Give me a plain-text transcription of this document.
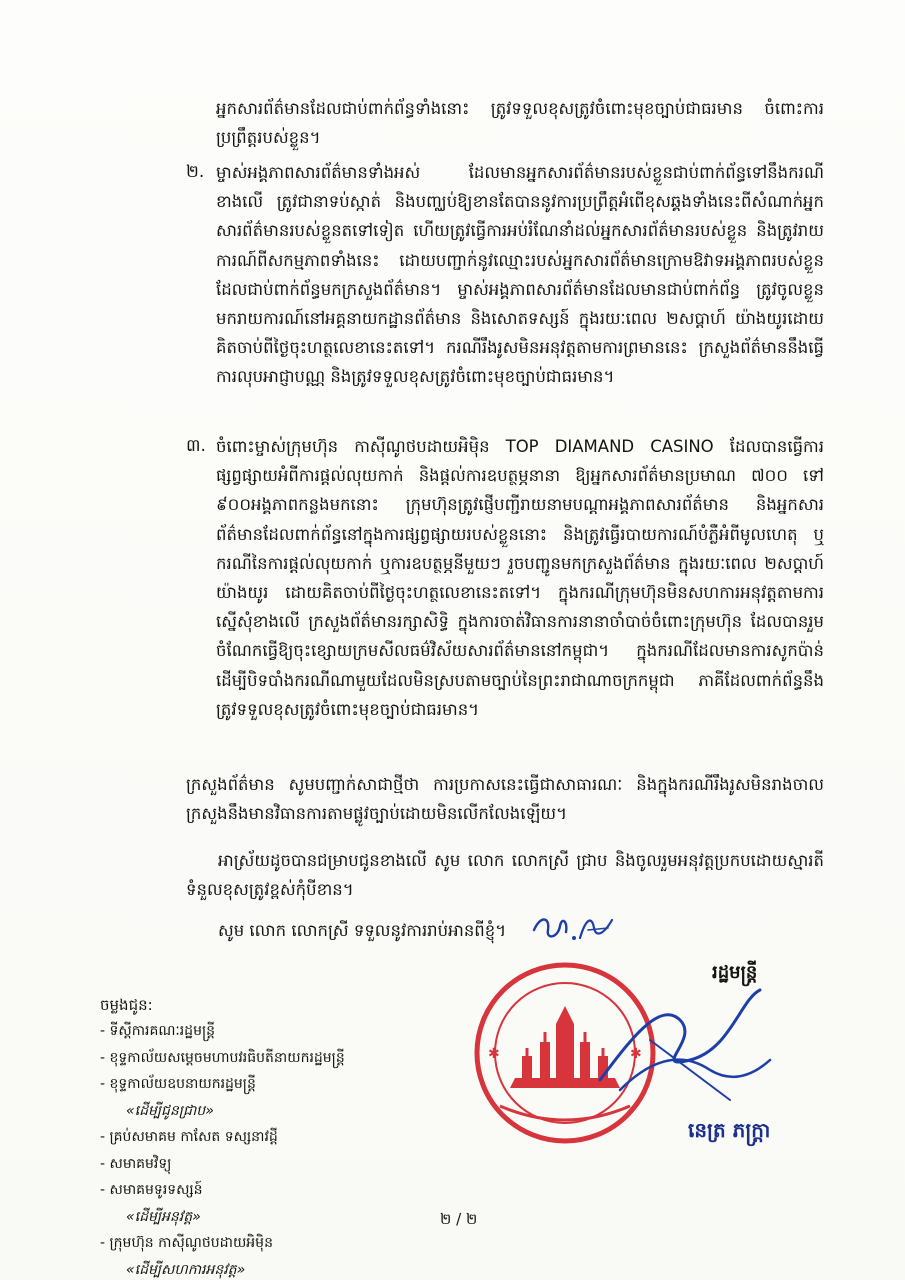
អ្នកសារព័ត៌មានដែលជាប់ពាក់ព័ន្ធទាំងនោះ ត្រូវទទួលខុសត្រូវចំពោះមុខច្បាប់ជាធរមាន ចំពោះការប្រព្រឹត្តរបស់ខ្លួន។

២. ម្ចាស់អង្គភាពសារព័ត៌មានទាំងអស់ ដែលមានអ្នកសារព័ត៌មានរបស់ខ្លួនជាប់ពាក់ព័ន្ធទៅនឹងករណីខាងលើ ត្រូវជានាទប់ស្កាត់ និងបញ្ឈប់ឱ្យខានតែបាននូវការប្រព្រឹត្តអំពើខុសឆ្គងទាំងនេះពីសំណាក់អ្នកសារព័ត៌មានរបស់ខ្លួនតទៅទៀត ហើយត្រូវធ្វើការអប់រំណែនាំដល់អ្នកសារព័ត៌មានរបស់ខ្លួន និងត្រូវរាយការណ៍ពីសកម្មភាពទាំងនេះ ដោយបញ្ជាក់នូវឈ្មោះរបស់អ្នកសារព័ត៌មានក្រោមឱវាទអង្គភាពរបស់ខ្លួន ដែលជាប់ពាក់ព័ន្ធមកក្រសួងព័ត៌មាន។ ម្ចាស់អង្គភាពសារព័ត៌មានដែលមានជាប់ពាក់ព័ន្ធ ត្រូវចូលខ្លួនមករាយការណ៍នៅអគ្គនាយកដ្ឋានព័ត៌មាន និងសោតទស្សន៍ ក្នុងរយៈពេល ២សប្តាហ៍ យ៉ាងយូរដោយគិតចាប់ពីថ្ងៃចុះហត្ថលេខានេះតទៅ។ ករណីរឹងរូសមិនអនុវត្តតាមការព្រមាននេះ ក្រសួងព័ត៌មាននឹងធ្វើការលុបអាជ្ញាបណ្ណ និងត្រូវទទួលខុសត្រូវចំពោះមុខច្បាប់ជាធរមាន។

៣. ចំពោះម្ចាស់ក្រុមហ៊ុន កាស៊ីណូថបដាយអិម៉ិន TOP DIAMAND CASINO ដែលបានធ្វើការផ្សព្វផ្សាយអំពីការផ្តល់លុយកាក់ និងផ្តល់ការឧបត្ថម្ភនានា ឱ្យអ្នកសារព័ត៌មានប្រមាណ ៧០០ ទៅ ៩០០អង្គភាពកន្លងមកនោះ ក្រុមហ៊ុនត្រូវផ្ញើបញ្ជីរាយនាមបណ្តាអង្គភាពសារព័ត៌មាន និងអ្នកសារព័ត៌មានដែលពាក់ព័ន្ធនៅក្នុងការផ្សព្វផ្សាយរបស់ខ្លួននោះ និងត្រូវធ្វើរបាយការណ៍បំភ្លឺអំពីមូលហេតុ ឬករណីនៃការផ្តល់លុយកាក់ ឬការឧបត្ថម្ភនីមួយៗ រួចបញ្ជូនមកក្រសួងព័ត៌មាន ក្នុងរយៈពេល ២សប្តាហ៍យ៉ាងយូរ ដោយគិតចាប់ពីថ្ងៃចុះហត្ថលេខានេះតទៅ។ ក្នុងករណីក្រុមហ៊ុនមិនសហការអនុវត្តតាមការស្នើសុំខាងលើ ក្រសួងព័ត៌មានរក្សាសិទ្ធិ ក្នុងការចាត់វិធានការនានាចាំបាច់ចំពោះក្រុមហ៊ុន ដែលបានរួមចំណែកធ្វើឱ្យចុះខ្សោយក្រមសីលធម៌វិស័យសារព័ត៌មាននៅកម្ពុជា។ ក្នុងករណីដែលមានការសូកប៉ាន់ដើម្បីបិទបាំងករណីណាមួយដែលមិនស្របតាមច្បាប់នៃព្រះរាជាណាចក្រកម្ពុជា ភាគីដែលពាក់ព័ន្ធនឹងត្រូវទទួលខុសត្រូវចំពោះមុខច្បាប់ជាធរមាន។

ក្រសួងព័ត៌មាន សូមបញ្ជាក់សាជាថ្មីថា ការប្រកាសនេះធ្វើជាសាធារណៈ និងក្នុងករណីរឹងរូសមិនរាងចាល ក្រសួងនឹងមានវិធានការតាមផ្លូវច្បាប់ដោយមិនលើកលែងឡើយ។

អាស្រ័យដូចបានជម្រាបជូនខាងលើ សូម លោក លោកស្រី ជ្រាប និងចូលរួមអនុវត្តប្រកបដោយស្មារតីទំនួលខុសត្រូវខ្ពស់កុំបីខាន។

សូម លោក លោកស្រី ទទួលនូវការរាប់អានពីខ្ញុំ។

ចម្លងជូន:
- ទីស្តីការគណៈរដ្ឋមន្ត្រី
- ខុទ្ទកាល័យសម្តេចមហាបវរធិបតីនាយករដ្ឋមន្ត្រី
- ខុទ្ទកាល័យឧបនាយករដ្ឋមន្ត្រី
«ដើម្បីជូនជ្រាប»
- គ្រប់សមាគម កាសែត ទស្សនាវដ្តី
- សមាគមវិទ្យុ
- សមាគមទូរទស្សន៍
«ដើម្បីអនុវត្ត»
- ក្រុមហ៊ុន កាស៊ីណូថបដាយអិម៉ិន
«ដើម្បីសហការអនុវត្ត»
✱	✱
រដ្ឋមន្ត្រី
នេត្រ ភក្ត្រា
២ / ២
